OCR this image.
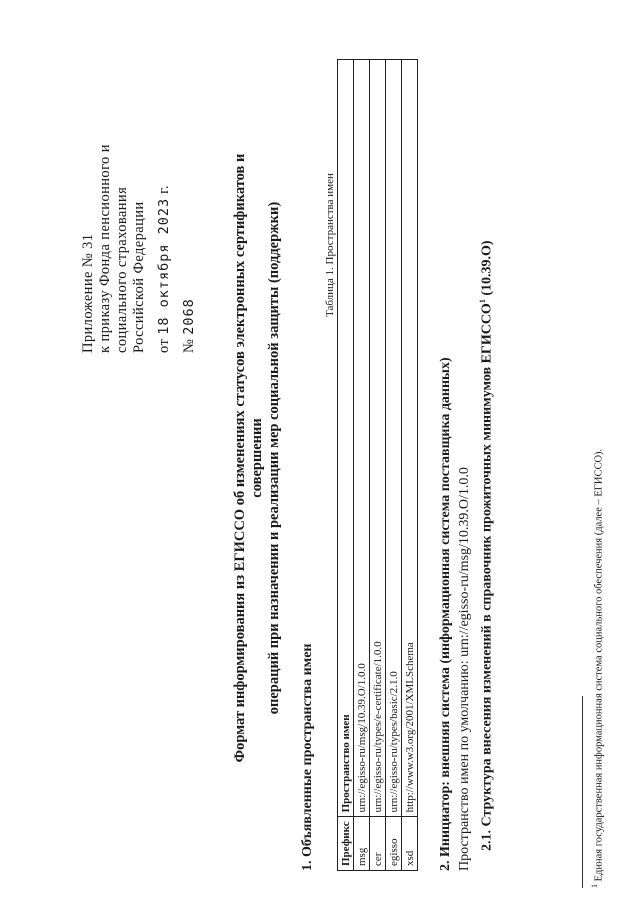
Приложение № 31 к приказу Фонда пенсионного и социального страхования Российской Федерации от 18 октября 2023 г.
№ 2068 Формат информирования из ЕГИССО об изменениях статусов электронных сертификатов и совершении операций при назначении и реализации мер социальной защиты (поддержки)
1. Объявленные пространства имен
Таблица 1. Пространства имен
Префикс	Пространство имен
msg	urn://egisso-ru/msg/10.39.O/1.0.0
cer	urn://egisso-ru/types/e-certificate/1.0.0
egisso	urn://egisso-ru/types/basic/2.1.0
xsd	http://www.w3.org/2001/XMLSchema 2. Инициатор: внешняя система (информационная система поставщика данных) Пространство имен по умолчанию: urn://egisso-ru/msg/10.39.O/1.0.0 2.1. Структура внесения изменений в справочник прожиточных минимумов ЕГИССО$^1$ (10.39.O)
$^1$ Единая государственная информационная система социального обеспечения (далее – ЕГИССО).
